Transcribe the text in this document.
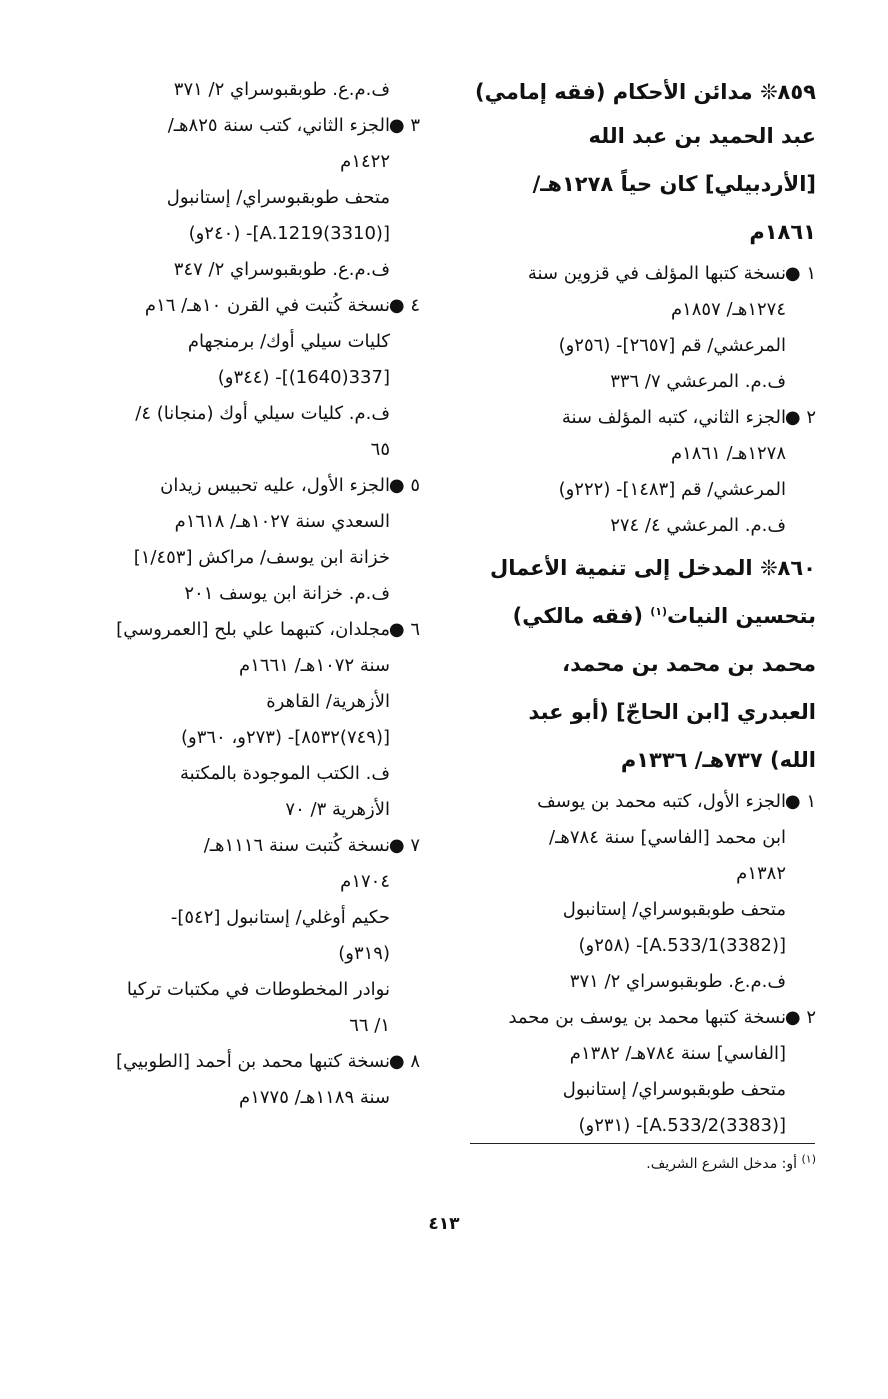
٨٥٩❊ مدائن الأحكام (فقه إمامي)
عبد الحميد بن عبد الله
[الأردبيلي] كان حياً ١٢٧٨هـ/
١٨٦١م
١ ●نسخة كتبها المؤلف في قزوين سنة
١٢٧٤هـ/ ١٨٥٧م
المرعشي/ قم [٢٦٥٧]- (٢٥٦و)
ف.م. المرعشي ٧/ ٣٣٦
٢ ●الجزء الثاني، كتبه المؤلف سنة
١٢٧٨هـ/ ١٨٦١م
المرعشي/ قم [١٤٨٣]- (٢٢٢و)
ف.م. المرعشي ٤/ ٢٧٤
٨٦٠❊ المدخل إلى تنمية الأعمال
بتحسين النيات$^{(١)}$ (فقه مالكي)
محمد بن محمد بن محمد،
العبدري [ابن الحاجّ] (أبو عبد
الله) ٧٣٧هـ/ ١٣٣٦م
١ ●الجزء الأول، كتبه محمد بن يوسف
ابن محمد [الفاسي] سنة ٧٨٤هـ/
١٣٨٢م
متحف طوبقبوسراي/ إستانبول
[A.533/1(3382)]- (٢٥٨و)
ف.م.ع. طوبقبوسراي ٢/ ٣٧١
٢ ●نسخة كتبها محمد بن يوسف بن محمد
[الفاسي] سنة ٧٨٤هـ/ ١٣٨٢م
متحف طوبقبوسراي/ إستانبول
[A.533/2(3383)]- (٢٣١و)
ف.م.ع. طوبقبوسراي ٢/ ٣٧١
٣ ●الجزء الثاني، كتب سنة ٨٢٥هـ/
١٤٢٢م
متحف طوبقبوسراي/ إستانبول
[A.1219(3310)]- (٢٤٠و)
ف.م.ع. طوبقبوسراي ٢/ ٣٤٧
٤ ●نسخة كُتبت في القرن ١٠هـ/ ١٦م
كليات سيلي أوك/ برمنجهام
[337(1640)]- (٣٤٤و)
ف.م. كليات سيلي أوك (منجانا) ٤/
٦٥
٥ ●الجزء الأول، عليه تحبيس زيدان
السعدي سنة ١٠٢٧هـ/ ١٦١٨م
خزانة ابن يوسف/ مراكش [١/٤٥٣]
ف.م. خزانة ابن يوسف ٢٠١
٦ ●مجلدان، كتبهما علي بلح [العمروسي]
سنة ١٠٧٢هـ/ ١٦٦١م
الأزهرية/ القاهرة
[(٧٤٩)٨٥٣٢]- (٢٧٣و، ٣٦٠و)
ف. الكتب الموجودة بالمكتبة
الأزهرية ٣/ ٧٠
٧ ●نسخة كُتبت سنة ١١١٦هـ/
١٧٠٤م
حكيم أوغلي/ إستانبول [٥٤٢]-
(٣١٩و)
نوادر المخطوطات في مكتبات تركيا
١/ ٦٦
٨ ●نسخة كتبها محمد بن أحمد [الطوبيي]
سنة ١١٨٩هـ/ ١٧٧٥م
$^{(١)}$ أو: مدخل الشرع الشريف.
٤١٣
